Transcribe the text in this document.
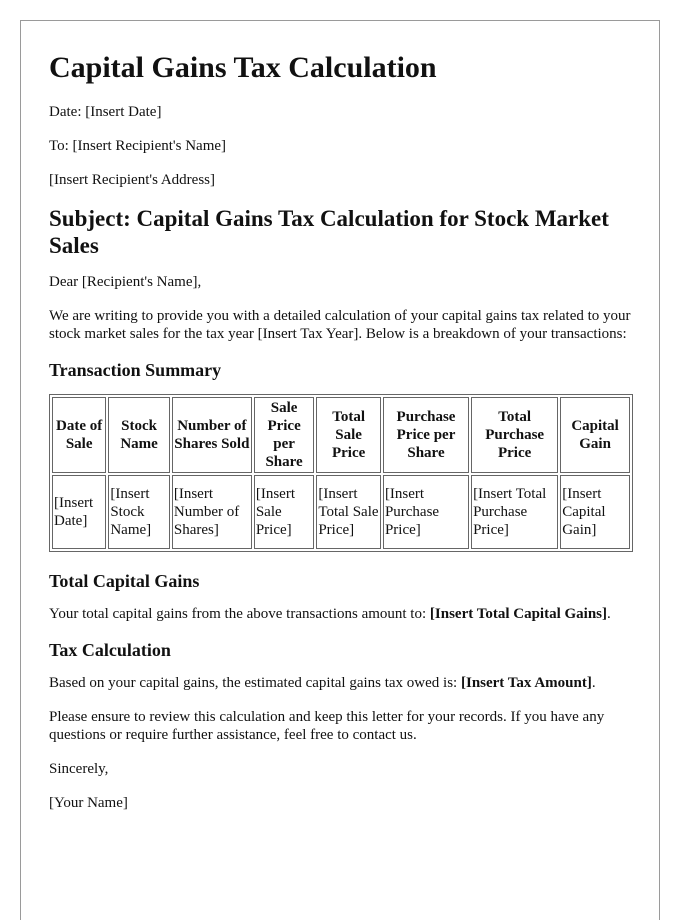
Capital Gains Tax Calculation

Date: [Insert Date]

To: [Insert Recipient's Name]

[Insert Recipient's Address]

Subject: Capital Gains Tax Calculation for Stock Market Sales

Dear [Recipient's Name],

We are writing to provide you with a detailed calculation of your capital gains tax related to your stock market sales for the tax year [Insert Tax Year]. Below is a breakdown of your transactions:

Transaction Summary
Date of Sale	Stock Name	Number of Shares Sold	Sale Price per Share	Total Sale Price	Purchase Price per Share	Total Purchase Price	Capital Gain
[Insert Date]	[Insert Stock Name]	[Insert Number of Shares]	[Insert Sale Price]	[Insert Total Sale Price]	[Insert Purchase Price]	[Insert Total Purchase Price]	[Insert Capital Gain]
Total Capital Gains

Your total capital gains from the above transactions amount to: [Insert Total Capital Gains].

Tax Calculation

Based on your capital gains, the estimated capital gains tax owed is: [Insert Tax Amount].

Please ensure to review this calculation and keep this letter for your records. If you have any questions or require further assistance, feel free to contact us.

Sincerely,

[Your Name]
